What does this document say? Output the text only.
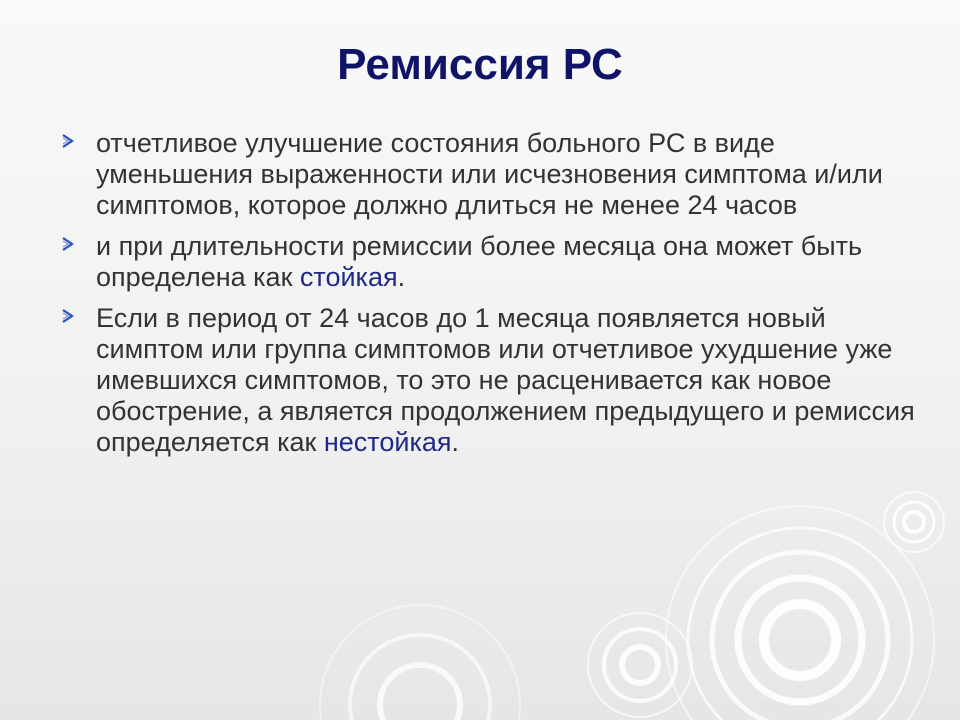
Ремиссия РС
отчетливое улучшение состояния больного РС в виде уменьшения выраженности или исчезновения симптома и/или симптомов, которое должно длиться не менее 24 часов
и при длительности ремиссии более месяца она может быть определена как стойкая.
Если в период от 24 часов до 1 месяца появляется новый симптом или группа симптомов или отчетливое ухудшение уже имевшихся симптомов, то это не расценивается как новое обострение, а является продолжением предыдущего и ремиссия определяется как нестойкая.
